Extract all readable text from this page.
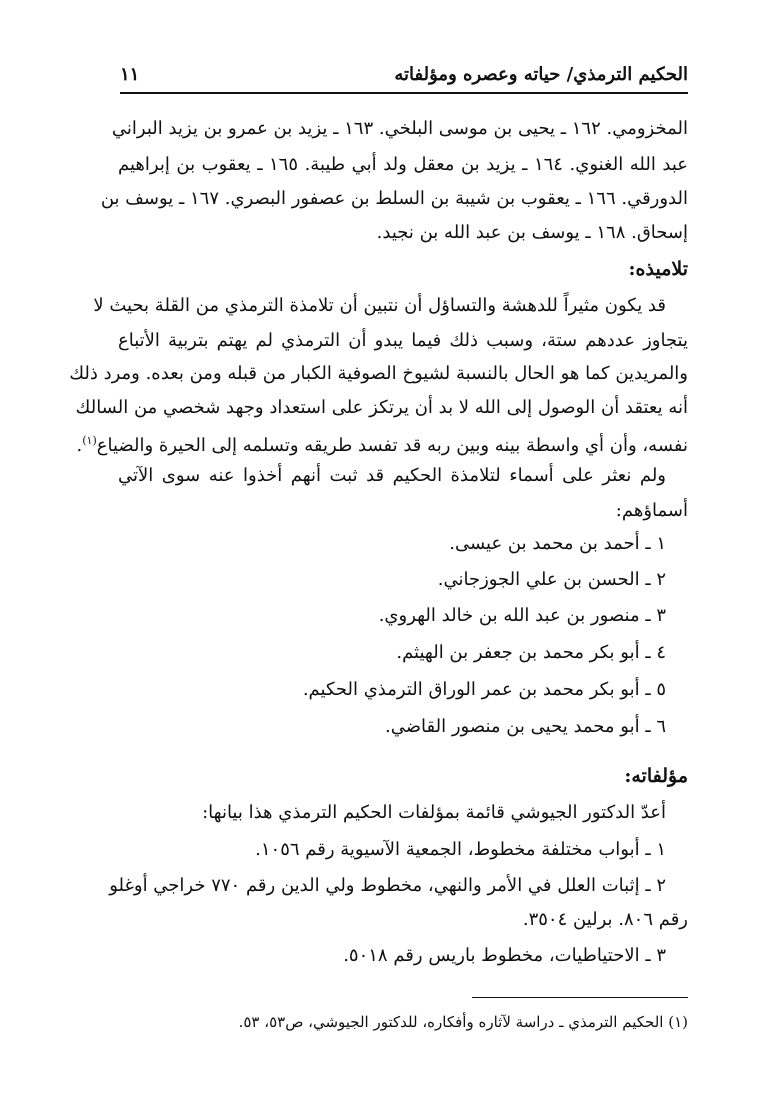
الحكيم الترمذي/ حياته وعصره ومؤلفاته
١١
المخزومي. ١٦٢ ـ يحيى بن موسى البلخي. ١٦٣ ـ يزيد بن عمرو بن يزيد البراني
عبد الله الغنوي. ١٦٤ ـ يزيد بن معقل ولد أبي طيبة. ١٦٥ ـ يعقوب بن إبراهيم
الدورقي. ١٦٦ ـ يعقوب بن شيبة بن السلط بن عصفور البصري. ١٦٧ ـ يوسف بن
إسحاق. ١٦٨ ـ يوسف بن عبد الله بن نجيد.
تلاميذه:
قد يكون مثيراً للدهشة والتساؤل أن نتبين أن تلامذة الترمذي من القلة بحيث لا
يتجاوز عددهم ستة، وسبب ذلك فيما يبدو أن الترمذي لم يهتم بتربية الأتباع
والمريدين كما هو الحال بالنسبة لشيوخ الصوفية الكبار من قبله ومن بعده. ومرد ذلك
أنه يعتقد أن الوصول إلى الله لا بد أن يرتكز على استعداد وجهد شخصي من السالك
نفسه، وأن أي واسطة بينه وبين ربه قد تفسد طريقه وتسلمه إلى الحيرة والضياع$^{(١)}$.
ولم نعثر على أسماء لتلامذة الحكيم قد ثبت أنهم أخذوا عنه سوى الآتي
أسماؤهم:
١ ـ أحمد بن محمد بن عيسى.
٢ ـ الحسن بن علي الجوزجاني.
٣ ـ منصور بن عبد الله بن خالد الهروي.
٤ ـ أبو بكر محمد بن جعفر بن الهيثم.
٥ ـ أبو بكر محمد بن عمر الوراق الترمذي الحكيم.
٦ ـ أبو محمد يحيى بن منصور القاضي.
مؤلفاته:
أعدّ الدكتور الجيوشي قائمة بمؤلفات الحكيم الترمذي هذا بيانها:
١ ـ أبواب مختلفة مخطوط، الجمعية الآسيوية رقم ١٠٥٦.
٢ ـ إثبات العلل في الأمر والنهي، مخطوط ولي الدين رقم ٧٧٠ خراجي أوغلو
رقم ٨٠٦. برلين ٣٥٠٤.
٣ ـ الاحتياطيات، مخطوط باريس رقم ٥٠١٨.
(١) الحكيم الترمذي ـ دراسة لآثاره وأفكاره، للدكتور الجيوشي، ص٥٣، ٥٣.
